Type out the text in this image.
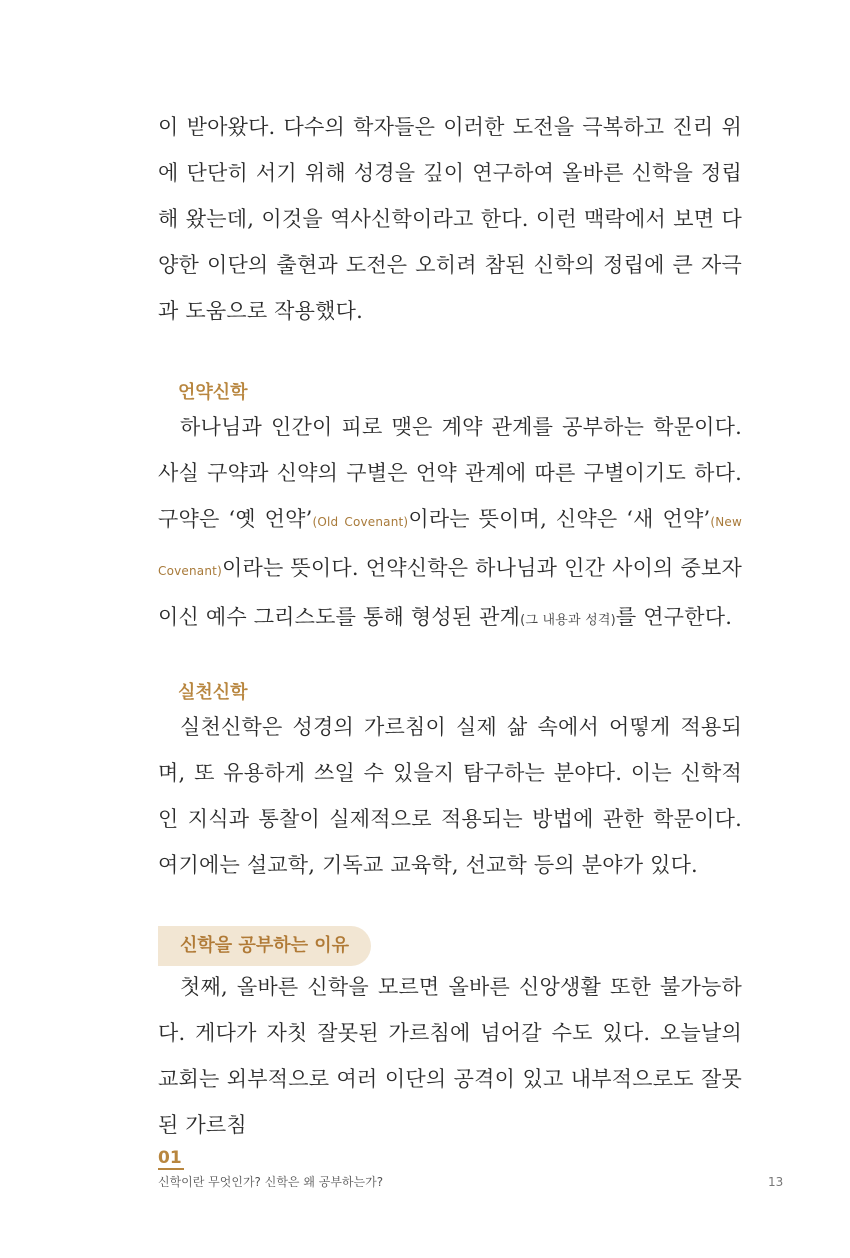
이 받아왔다. 다수의 학자들은 이러한 도전을 극복하고 진리 위에 단단히 서기 위해 성경을 깊이 연구하여 올바른 신학을 정립해 왔는데, 이것을 역사신학이라고 한다. 이런 맥락에서 보면 다양한 이단의 출현과 도전은 오히려 참된 신학의 정립에 큰 자극과 도움으로 작용했다.

언약신학

하나님과 인간이 피로 맺은 계약 관계를 공부하는 학문이다. 사실 구약과 신약의 구별은 언약 관계에 따른 구별이기도 하다. 구약은 ‘옛 언약’(Old Covenant)이라는 뜻이며, 신약은 ‘새 언약’(New Covenant)이라는 뜻이다. 언약신학은 하나님과 인간 사이의 중보자이신 예수 그리스도를 통해 형성된 관계(그 내용과 성격)를 연구한다.

실천신학

실천신학은 성경의 가르침이 실제 삶 속에서 어떻게 적용되며, 또 유용하게 쓰일 수 있을지 탐구하는 분야다. 이는 신학적인 지식과 통찰이 실제적으로 적용되는 방법에 관한 학문이다. 여기에는 설교학, 기독교 교육학, 선교학 등의 분야가 있다.

신학을 공부하는 이유

첫째, 올바른 신학을 모르면 올바른 신앙생활 또한 불가능하다. 게다가 자칫 잘못된 가르침에 넘어갈 수도 있다. 오늘날의 교회는 외부적으로 여러 이단의 공격이 있고 내부적으로도 잘못된 가르침

01
신학이란 무엇인가? 신학은 왜 공부하는가?	13
